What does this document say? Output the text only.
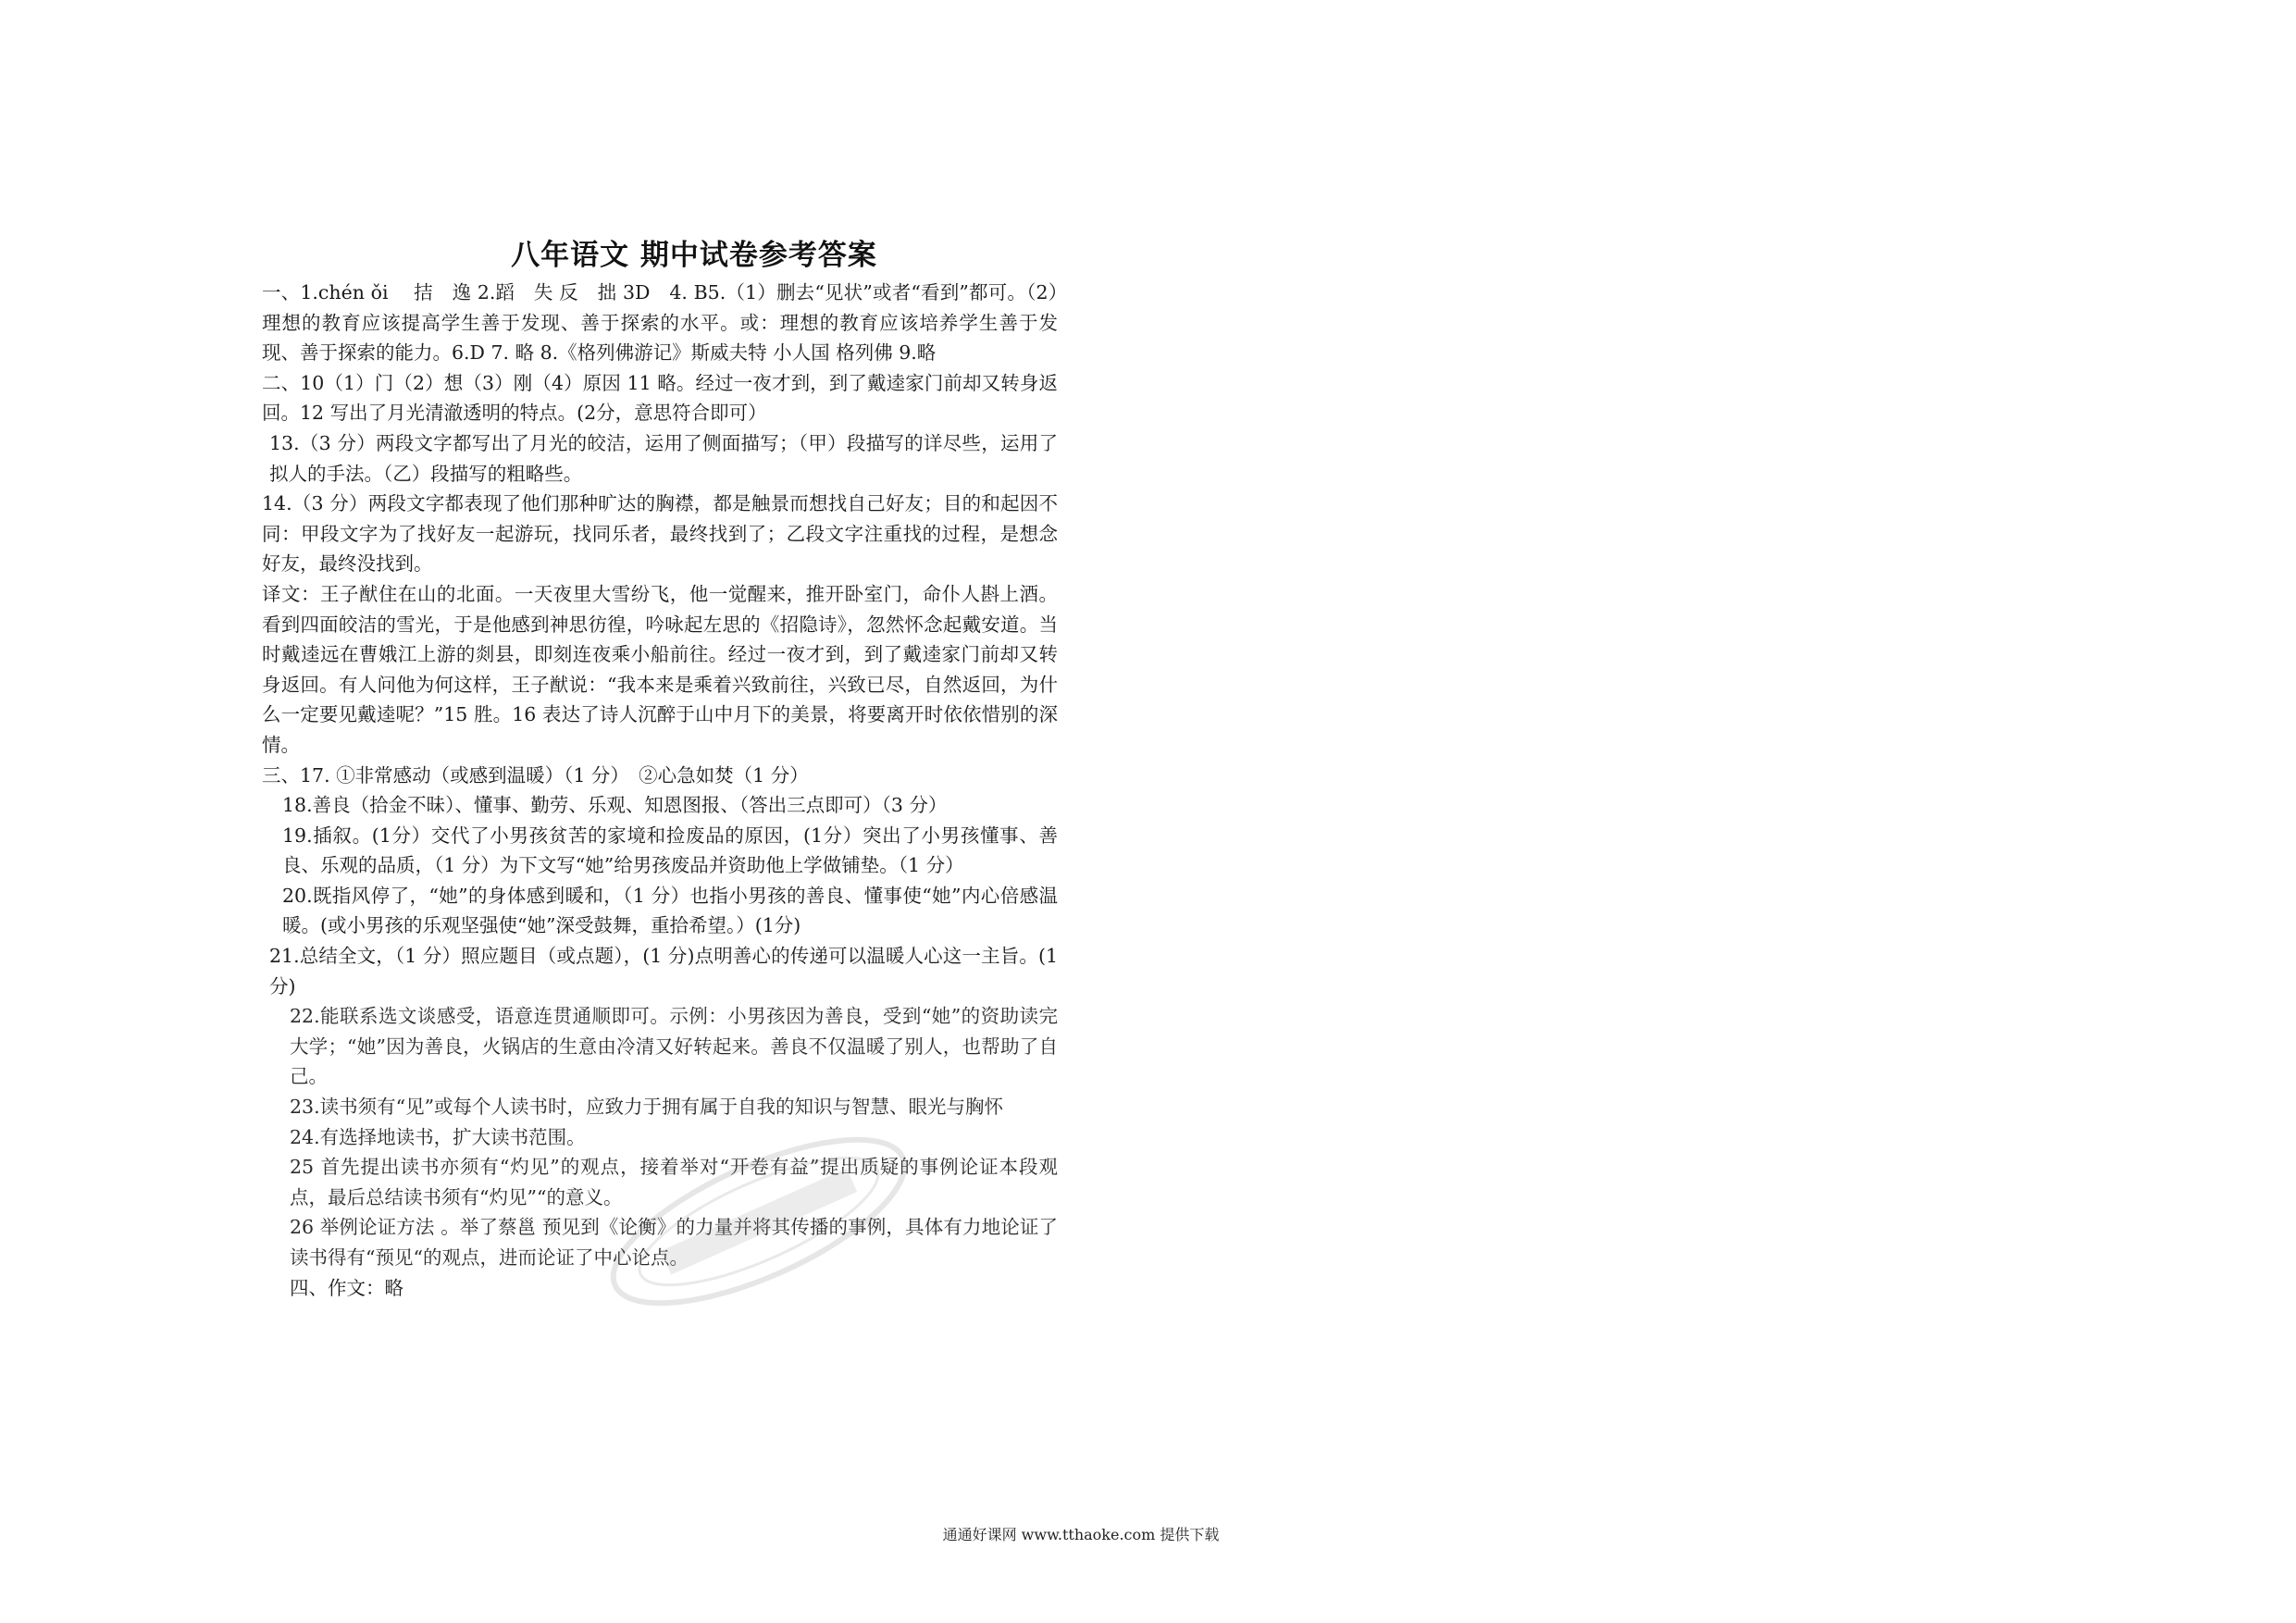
八年语文 期中试卷参考答案

一、1.chén ǒi　 拮　逸 2.蹈　失 反　拙 3D　4. B5.（1）删去“见状”或者“看到”都可。（2）理想的教育应该提高学生善于发现、善于探索的水平。或：理想的教育应该培养学生善于发现、善于探索的能力。6.D 7. 略 8.《格列佛游记》斯威夫特 小人国 格列佛 9.略

二、10（1）门（2）想（3）刚（4）原因 11 略。经过一夜才到，到了戴逵家门前却又转身返回。12 写出了月光清澈透明的特点。(2分，意思符合即可）

13.（3 分）两段文字都写出了月光的皎洁，运用了侧面描写；（甲）段描写的详尽些，运用了拟人的手法。（乙）段描写的粗略些。

14.（3 分）两段文字都表现了他们那种旷达的胸襟，都是触景而想找自己好友；目的和起因不同：甲段文字为了找好友一起游玩，找同乐者，最终找到了；乙段文字注重找的过程，是想念好友，最终没找到。

译文：王子猷住在山的北面。一天夜里大雪纷飞，他一觉醒来，推开卧室门，命仆人斟上酒。看到四面皎洁的雪光，于是他感到神思彷徨，吟咏起左思的《招隐诗》，忽然怀念起戴安道。当时戴逵远在曹娥江上游的剡县，即刻连夜乘小船前往。经过一夜才到，到了戴逵家门前却又转身返回。有人问他为何这样，王子猷说：“我本来是乘着兴致前往，兴致已尽，自然返回，为什么一定要见戴逵呢？”15 胜。16 表达了诗人沉醉于山中月下的美景，将要离开时依依惜别的深情。

三、17. ①非常感动（或感到温暖）（1 分）　②心急如焚（1 分）

18.善良（拾金不昧）、懂事、勤劳、乐观、知恩图报、（答出三点即可）（3 分）

19.插叙。(1分）交代了小男孩贫苦的家境和捡废品的原因，(1分）突出了小男孩懂事、善良、乐观的品质，（1 分）为下文写“她”给男孩废品并资助他上学做铺垫。（1 分）

20.既指风停了，“她”的身体感到暖和，（1 分）也指小男孩的善良、懂事使“她”内心倍感温暖。(或小男孩的乐观坚强使“她”深受鼓舞，重拾希望。）(1分)

21.总结全文，（1 分）照应题目（或点题），(1 分)点明善心的传递可以温暖人心这一主旨。(1 分)

22.能联系选文谈感受，语意连贯通顺即可。示例：小男孩因为善良，受到“她”的资助读完大学；“她”因为善良，火锅店的生意由冷清又好转起来。善良不仅温暖了别人，也帮助了自己。

23.读书须有“见”或每个人读书时，应致力于拥有属于自我的知识与智慧、眼光与胸怀

24.有选择地读书，扩大读书范围。

25 首先提出读书亦须有“灼见”的观点，接着举对“开卷有益”提出质疑的事例论证本段观点，最后总结读书须有“灼见”“的意义。

26 举例论证方法 。举了蔡邕 预见到《论衡》的力量并将其传播的事例，具体有力地论证了读书得有“预见“的观点，进而论证了中心论点。

四、作文：略

通通好课网 www.tthaoke.com 提供下载
